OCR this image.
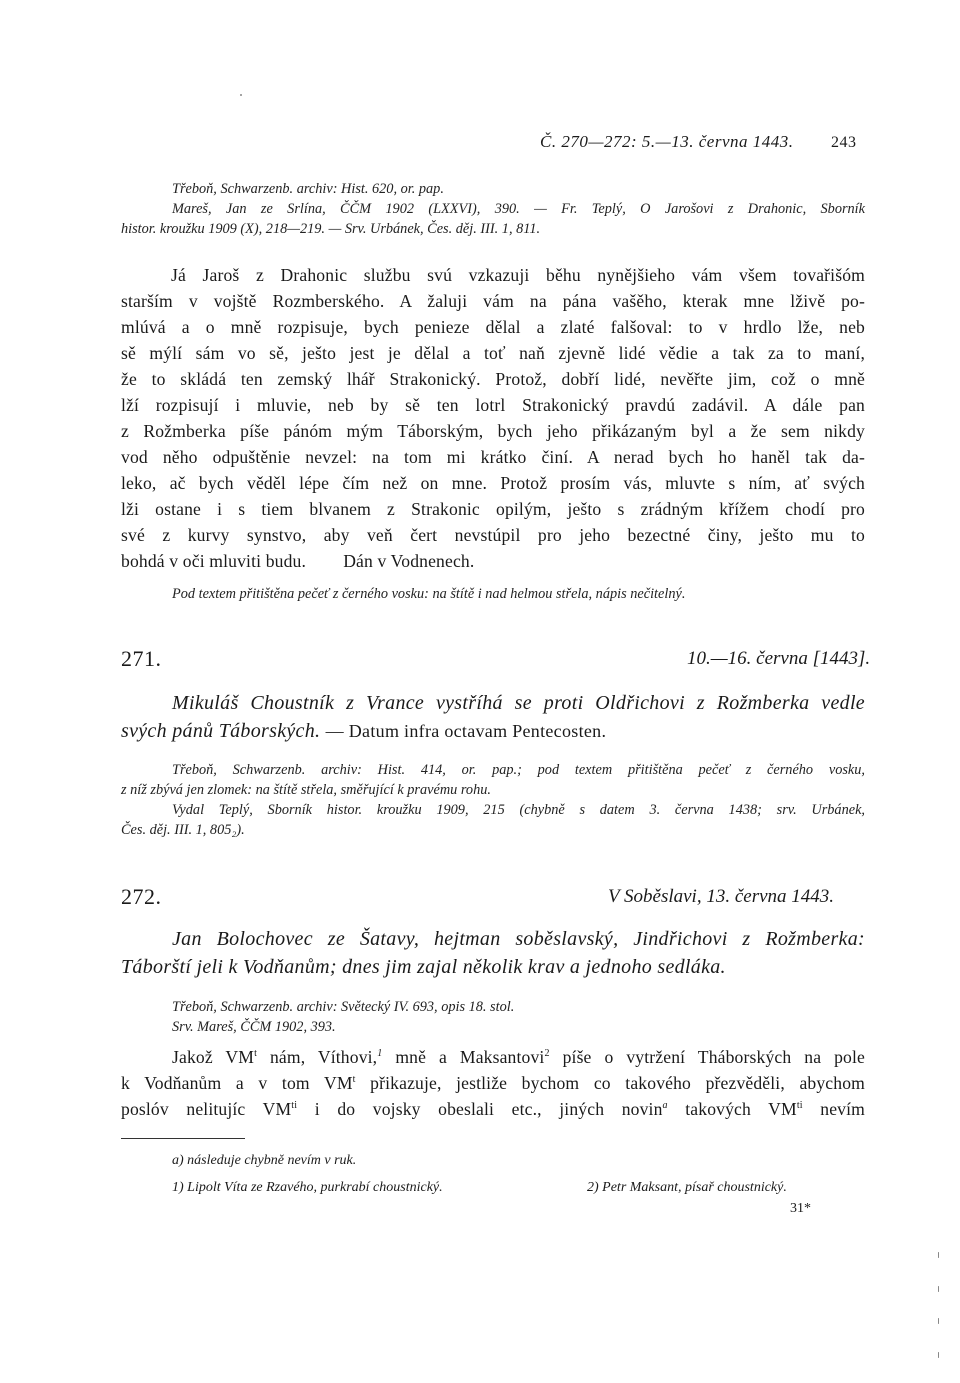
Č. 270—272: 5.—13. června 1443. 243
Třeboň, Schwarzenb. archiv: Hist. 620, or. pap.
Mareš, Jan ze Srlína, ČČM 1902 (LXXVI), 390. — Fr. Teplý, O Jarošovi z Drahonic, Sborník
histor. kroužku 1909 (X), 218—219. — Srv. Urbánek, Čes. děj. III. 1, 811.
Já Jaroš z Drahonic službu svú vzkazuji běhu nynějšieho vám všem tovařišóm
starším v vojště Rozmberského. A žaluji vám na pána vašěho, kterak mne lživě po-
mlúvá a o mně rozpisuje, bych penieze dělal a zlaté falšoval: to v hrdlo lže, neb
sě mýlí sám vo sě, ješto jest je dělal a toť naň zjevně lidé vědie a tak za to maní,
že to skládá ten zemský lhář Strakonický. Protož, dobří lidé, nevěřte jim, což o mně
lží rozpisují i mluvie, neb by sě ten lotrl Strakonický pravdú zadávil. A dále pan
z Rožmberka píše pánóm mým Táborským, bych jeho přikázaným byl a že sem nikdy
vod něho odpuštěnie nevzel: na tom mi krátko činí. A nerad bych ho haněl tak da-
leko, ač bych věděl lépe čím než on mne. Protož prosím vás, mluvte s ním, ať svých
lži ostane i s tiem blvanem z Strakonic opilým, ješto s zrádným křížem chodí pro
své z kurvy synstvo, aby veň čert nevstúpil pro jeho bezectné činy, ješto mu to
bohdá v oči mluviti budu. Dán v Vodnenech.
Pod textem přitištěna pečeť z černého vosku: na štítě i nad helmou střela, nápis nečitelný.
271.	10.—16. června [1443].
Mikuláš Choustník z Vrance vystříhá se proti Oldřichovi z Rožmberka vedle
svých pánů Táborských. — Datum infra octavam Pentecosten.
Třeboň, Schwarzenb. archiv: Hist. 414, or. pap.; pod textem přitištěna pečeť z černého vosku,
z níž zbývá jen zlomek: na štítě střela, směřující k pravému rohu.
Vydal Teplý, Sborník histor. kroužku 1909, 215 (chybně s datem 3. června 1438; srv. Urbánek,
Čes. děj. III. 1, 805₂).
272.	V Soběslavi, 13. června 1443.
Jan Bolochovec ze Šatavy, hejtman soběslavský, Jindřichovi z Rožmberka:
Táborští jeli k Vodňanům; dnes jim zajal několik krav a jednoho sedláka.
Třeboň, Schwarzenb. archiv: Světecký IV. 693, opis 18. stol.
Srv. Mareš, ČČM 1902, 393.
Jakož $VM^t$ nám, Víthovi,$^1$ mně a Maksantovi$^2$ píše o vytržení Tháborských na pole
k Vodňanům a v tom $VM^t$ přikazuje, jestliže bychom co takového přezvěděli, abychom
poslóv nelitujíc $VM^{ti}$ i do vojsky obeslali etc., jiných novin$^a$ takových $VM^{ti}$ nevím
a) následuje chybně nevím v ruk.
1) Lipolt Víta ze Rzavého, purkrabí choustnický.	2) Petr Maksant, písař choustnický.
31*
